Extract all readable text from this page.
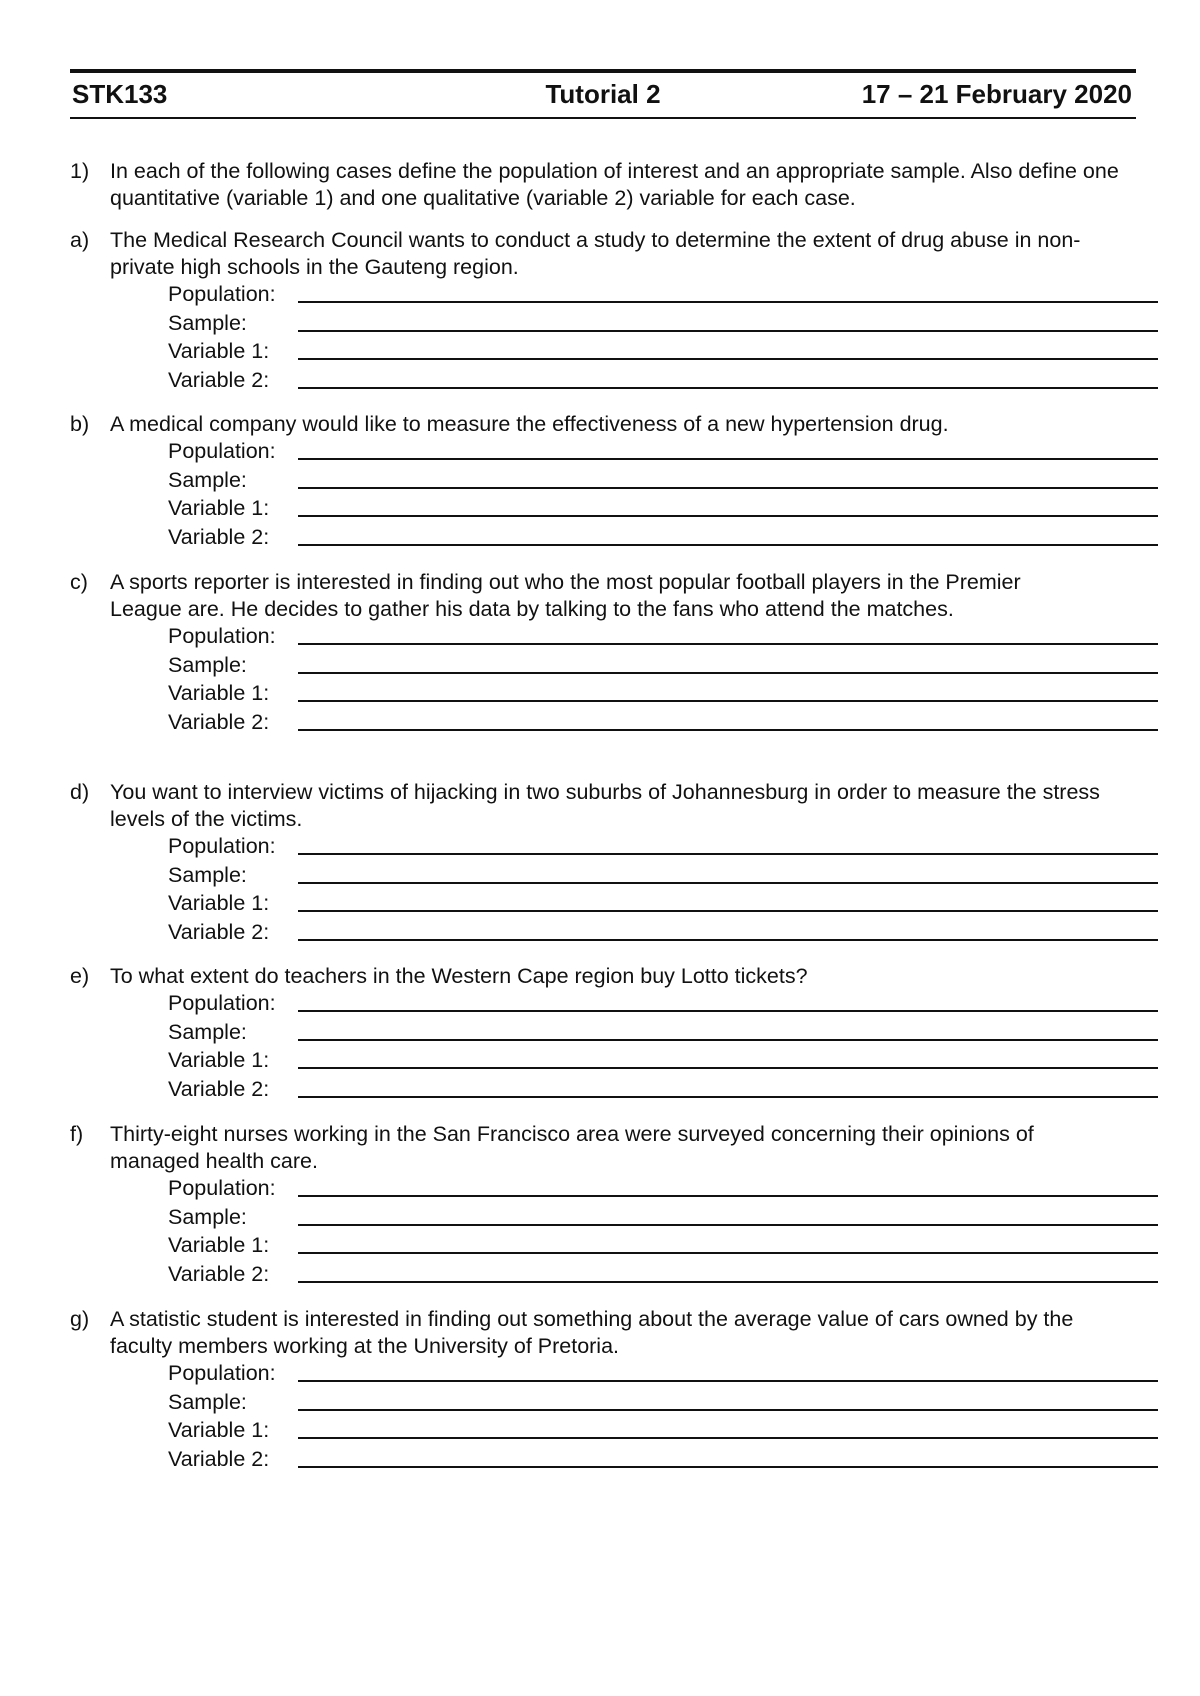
STK133	Tutorial 2	17 – 21 February 2020
1) In each of the following cases define the population of interest and an appropriate sample. Also define one quantitative (variable 1) and one qualitative (variable 2) variable for each case.
a) The Medical Research Council wants to conduct a study to determine the extent of drug abuse in non-private high schools in the Gauteng region.
Population:
Sample:
Variable 1:
Variable 2:
b) A medical company would like to measure the effectiveness of a new hypertension drug.
Population:
Sample:
Variable 1:
Variable 2:
c) A sports reporter is interested in finding out who the most popular football players in the Premier League are. He decides to gather his data by talking to the fans who attend the matches.
Population:
Sample:
Variable 1:
Variable 2:
d) You want to interview victims of hijacking in two suburbs of Johannesburg in order to measure the stress levels of the victims.
Population:
Sample:
Variable 1:
Variable 2:
e) To what extent do teachers in the Western Cape region buy Lotto tickets?
Population:
Sample:
Variable 1:
Variable 2:
f) Thirty-eight nurses working in the San Francisco area were surveyed concerning their opinions of managed health care.
Population:
Sample:
Variable 1:
Variable 2:
g) A statistic student is interested in finding out something about the average value of cars owned by the faculty members working at the University of Pretoria.
Population:
Sample:
Variable 1:
Variable 2:
